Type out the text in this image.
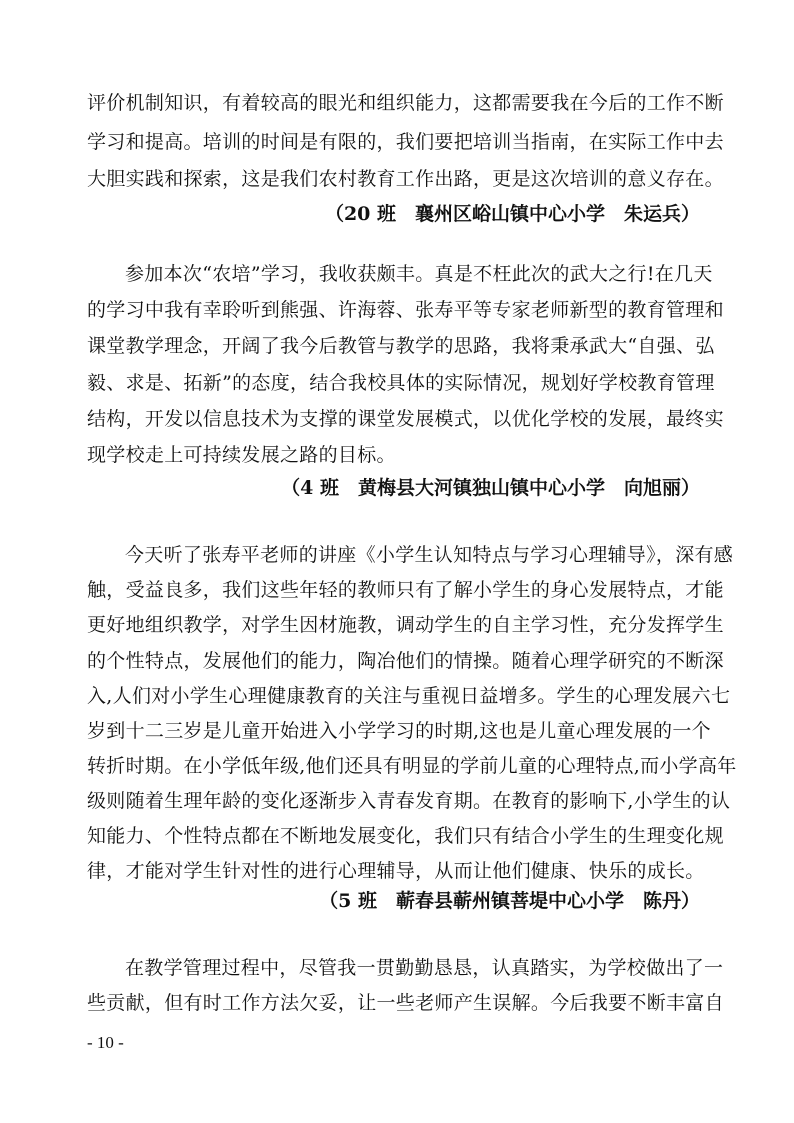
评价机制知识，有着较高的眼光和组织能力，这都需要我在今后的工作不断
学习和提高。培训的时间是有限的，我们要把培训当指南，在实际工作中去
大胆实践和探索，这是我们农村教育工作出路，更是这次培训的意义存在。
（20 班　襄州区峪山镇中心小学　朱运兵）
参加本次“农培”学习，我收获颇丰。真是不枉此次的武大之行!在几天
的学习中我有幸聆听到熊强、许海蓉、张寿平等专家老师新型的教育管理和
课堂教学理念，开阔了我今后教管与教学的思路，我将秉承武大“自强、弘
毅、求是、拓新”的态度，结合我校具体的实际情况，规划好学校教育管理
结构，开发以信息技术为支撑的课堂发展模式，以优化学校的发展，最终实
现学校走上可持续发展之路的目标。
（4 班　黄梅县大河镇独山镇中心小学　向旭丽）
今天听了张寿平老师的讲座《小学生认知特点与学习心理辅导》，深有感
触，受益良多，我们这些年轻的教师只有了解小学生的身心发展特点，才能
更好地组织教学，对学生因材施教，调动学生的自主学习性，充分发挥学生
的个性特点，发展他们的能力，陶冶他们的情操。随着心理学研究的不断深
入,人们对小学生心理健康教育的关注与重视日益增多。学生的心理发展六七
岁到十二三岁是儿童开始进入小学学习的时期,这也是儿童心理发展的一个
转折时期。在小学低年级,他们还具有明显的学前儿童的心理特点,而小学高年
级则随着生理年龄的变化逐渐步入青春发育期。在教育的影响下,小学生的认
知能力、个性特点都在不断地发展变化，我们只有结合小学生的生理变化规
律，才能对学生针对性的进行心理辅导，从而让他们健康、快乐的成长。
（5 班　蕲春县蕲州镇菩堤中心小学　陈丹）
在教学管理过程中，尽管我一贯勤勤恳恳，认真踏实，为学校做出了一
些贡献，但有时工作方法欠妥，让一些老师产生误解。今后我要不断丰富自
- 10 -
